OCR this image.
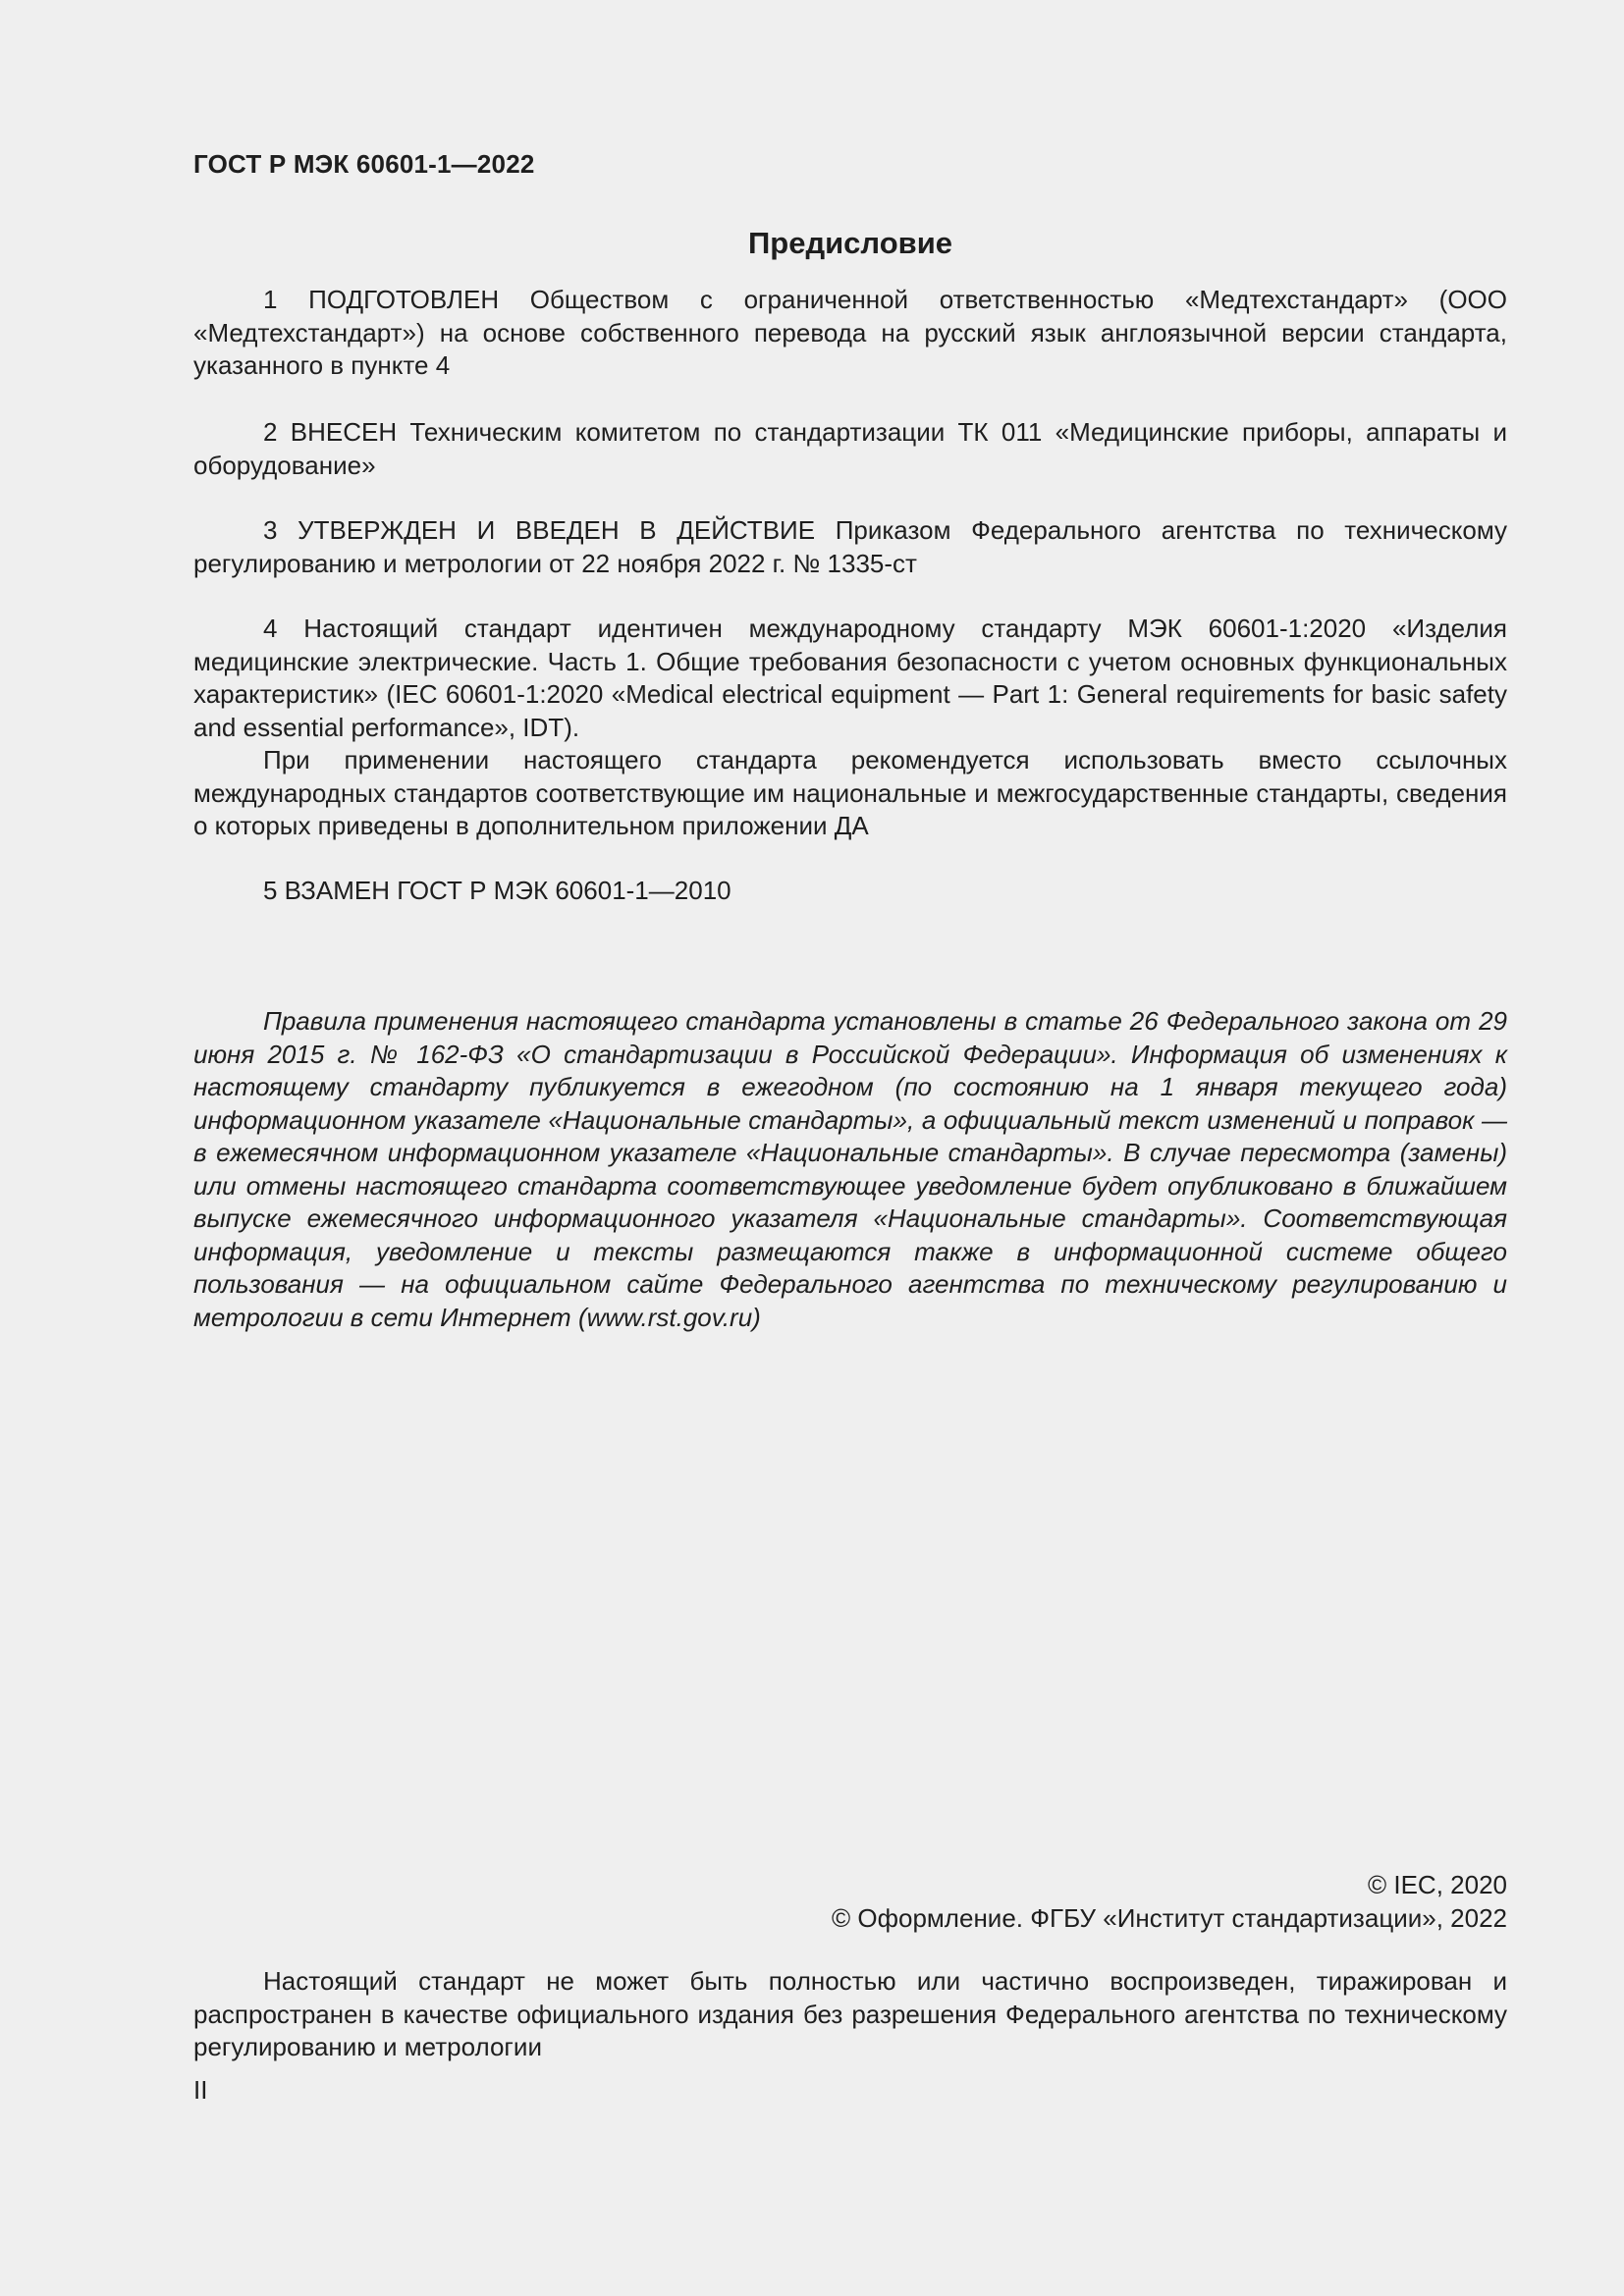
ГОСТ Р МЭК 60601-1—2022
Предисловие

1 ПОДГОТОВЛЕН Обществом с ограниченной ответственностью «Медтехстандарт» (ООО «Медтехстандарт») на основе собственного перевода на русский язык англоязычной версии стандарта, указанного в пункте 4

2 ВНЕСЕН Техническим комитетом по стандартизации ТК 011 «Медицинские приборы, аппараты и оборудование»

3 УТВЕРЖДЕН И ВВЕДЕН В ДЕЙСТВИЕ Приказом Федерального агентства по техническому регулированию и метрологии от 22 ноября 2022 г. № 1335-ст

4 Настоящий стандарт идентичен международному стандарту МЭК 60601-1:2020 «Изделия медицинские электрические. Часть 1. Общие требования безопасности с учетом основных функциональных характеристик» (IEC 60601-1:2020 «Medical electrical equipment — Part 1: General requirements for basic safety and essential performance», IDT).

При применении настоящего стандарта рекомендуется использовать вместо ссылочных международных стандартов соответствующие им национальные и межгосударственные стандарты, сведения о которых приведены в дополнительном приложении ДА

5 ВЗАМЕН ГОСТ Р МЭК 60601-1—2010

Правила применения настоящего стандарта установлены в статье 26 Федерального закона от 29 июня 2015 г. № 162-ФЗ «О стандартизации в Российской Федерации». Информация об изменениях к настоящему стандарту публикуется в ежегодном (по состоянию на 1 января текущего года) информационном указателе «Национальные стандарты», а официальный текст изменений и поправок — в ежемесячном информационном указателе «Национальные стандарты». В случае пересмотра (замены) или отмены настоящего стандарта соответствующее уведомление будет опубликовано в ближайшем выпуске ежемесячного информационного указателя «Национальные стандарты». Соответствующая информация, уведомление и тексты размещаются также в информационной системе общего пользования — на официальном сайте Федерального агентства по техническому регулированию и метрологии в сети Интернет (www.rst.gov.ru)

© IEC, 2020
© Оформление. ФГБУ «Институт стандартизации», 2022

Настоящий стандарт не может быть полностью или частично воспроизведен, тиражирован и распространен в качестве официального издания без разрешения Федерального агентства по техническому регулированию и метрологии

II
